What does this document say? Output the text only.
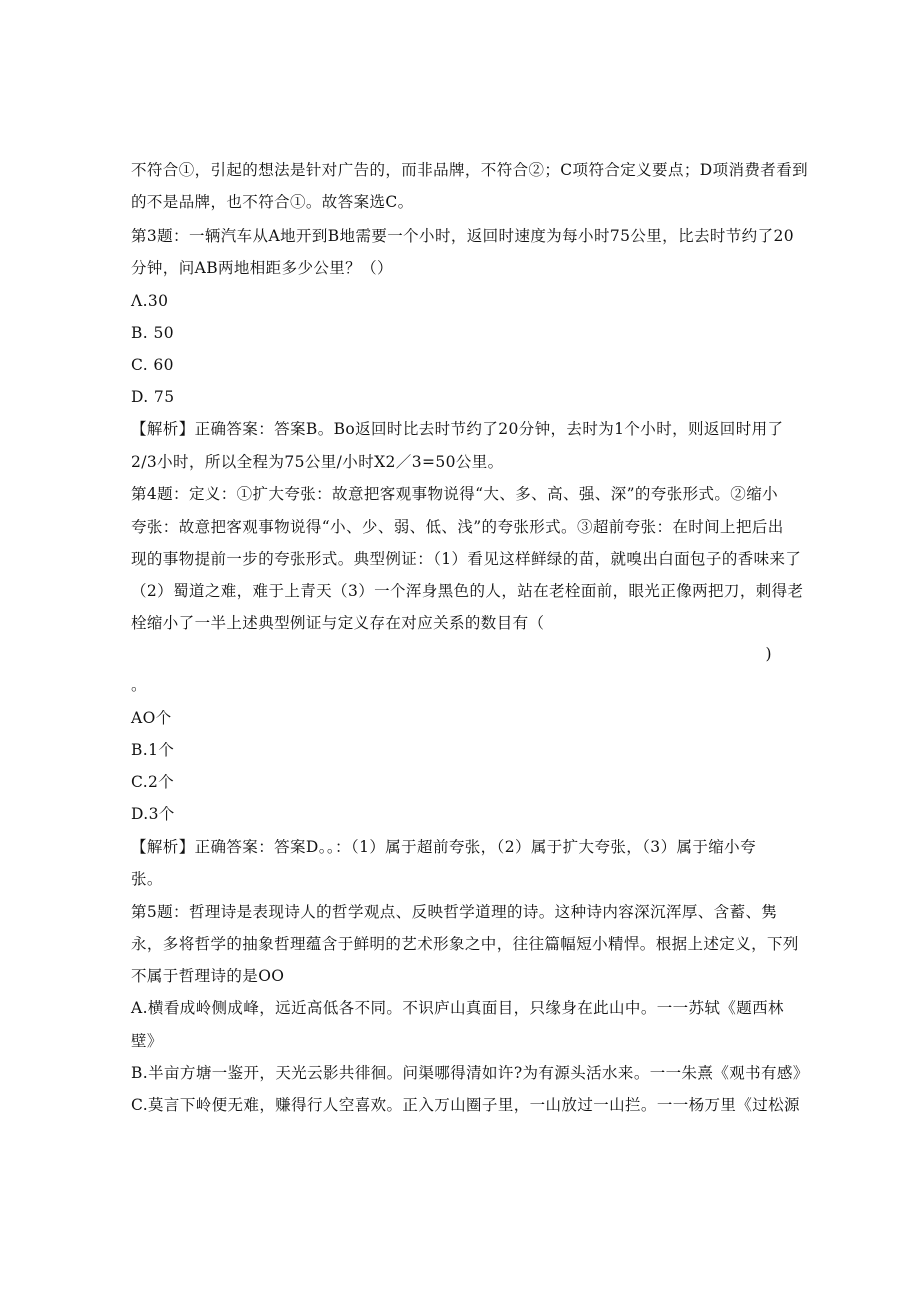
不符合①，引起的想法是针对广告的，而非品牌，不符合②；C项符合定义要点；D项消费者看到
的不是品牌，也不符合①。故答案选C。
第3题：一辆汽车从A地开到B地需要一个小时，返回时速度为每小时75公里，比去时节约了20
分钟，问AB两地相距多少公里？（）
Λ.30
B. 50
C. 60
D. 75
【解析】正确答案：答案B。Bo返回时比去时节约了20分钟，去时为1个小时，则返回时用了
2/3小时，所以全程为75公里/小时X2／3=50公里。
第4题：定义：①扩大夸张：故意把客观事物说得“大、多、高、强、深”的夸张形式。②缩小
夸张：故意把客观事物说得“小、少、弱、低、浅”的夸张形式。③超前夸张：在时间上把后出
现的事物提前一步的夸张形式。典型例证：（1）看见这样鲜绿的苗，就嗅出白面包子的香味来了
（2）蜀道之难，难于上青天（3）一个浑身黑色的人，站在老栓面前，眼光正像两把刀，刺得老
栓缩小了一半上述典型例证与定义存在对应关系的数目有（
)
。
AO个
B.1个
C.2个
D.3个
【解析】正确答案：答案D。。：（1）属于超前夸张，（2）属于扩大夸张，（3）属于缩小夸
张。
第5题：哲理诗是表现诗人的哲学观点、反映哲学道理的诗。这种诗内容深沉浑厚、含蓄、隽
永，多将哲学的抽象哲理蕴含于鲜明的艺术形象之中，往往篇幅短小精悍。根据上述定义，下列
不属于哲理诗的是OO
A.横看成岭侧成峰，远近高低各不同。不识庐山真面目，只缘身在此山中。一一苏轼《题西林
壁》
B.半亩方塘一鉴开，天光云影共徘徊。问渠哪得清如许?为有源头活水来。一一朱熹《观书有感》
C.莫言下岭便无难，赚得行人空喜欢。正入万山圈子里，一山放过一山拦。一一杨万里《过松源
